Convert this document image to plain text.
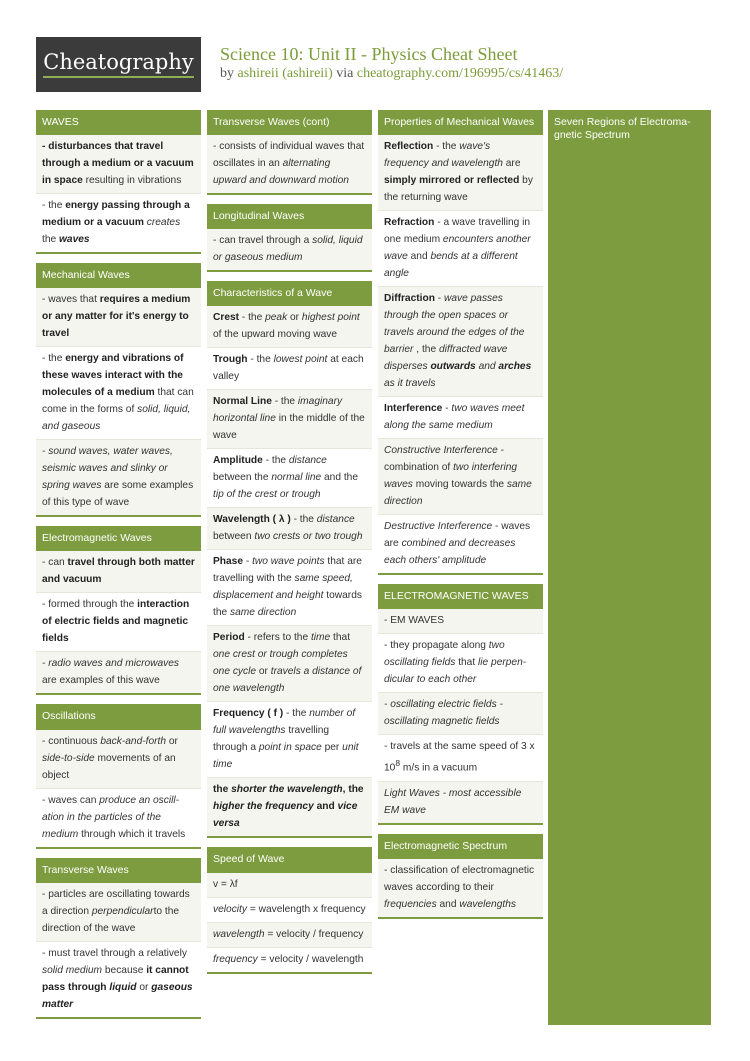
Cheatography Science 10: Unit II - Physics Cheat Sheet
by ashireii (ashireii) via cheatography.com/196995/cs/41463/
WAVES
- disturbances that travel through a medium or a vacuum in space resulting in vibrations
- the energy passing through a medium or a vacuum creates the waves
Mechanical Waves
- waves that requires a medium or any matter for it's energy to travel
- the energy and vibrations of these waves interact with the molecules of a medium that can come in the forms of solid, liquid, and gaseous
- sound waves, water waves, seismic waves and slinky or spring waves are some examples of this type of wave
Electromagnetic Waves
- can travel through both matter and vacuum
- formed through the interaction of electric fields and magnetic fields
- radio waves and microwaves are examples of this wave
Oscillations
- continuous back-and-forth or side-to-side movements of an object
- waves can produce an oscillation in the particles of the medium through which it travels
Transverse Waves
- particles are oscillating towards a direction perpendicularto the direction of the wave
- must travel through a relatively solid medium because it cannot pass through liquid or gaseous matter
Transverse Waves (cont)
- consists of individual waves that oscillates in an alternating upward and downward motion
Longitudinal Waves
- can travel through a solid, liquid or gaseous medium
Characteristics of a Wave
Crest - the peak or highest point of the upward moving wave
Trough - the lowest point at each valley
Normal Line - the imaginary horizontal line in the middle of the wave
Amplitude - the distance between the normal line and the tip of the crest or trough
Wavelength ( λ ) - the distance between two crests or two trough
Phase - two wave points that are travelling with the same speed, displacement and height towards the same direction
Period - refers to the time that one crest or trough completes one cycle or travels a distance of one wavelength
Frequency ( f ) - the number of full wavelengths travelling through a point in space per unit time
the shorter the wavelength, the higher the frequency and vice versa
Speed of Wave
v = λf
velocity = wavelength x frequency
wavelength = velocity / frequency
frequency = velocity / wavelength
Properties of Mechanical Waves
Reflection - the wave's frequency and wavelength are simply mirrored or reflected by the returning wave
Refraction - a wave travelling in one medium encounters another wave and bends at a different angle
Diffraction - wave passes through the open spaces or travels around the edges of the barrier , the diffracted wave disperses outwards and arches as it travels
Interference - two waves meet along the same medium
Constructive Interference - combination of two interfering waves moving towards the same direction
Destructive Interference - waves are combined and decreases each others' amplitude
ELECTROMAGNETIC WAVES
- EM WAVES
- they propagate along two oscillating fields that lie perpendicular to each other
- oscillating electric fields - oscillating magnetic fields
- travels at the same speed of 3 x $10^8$ m/s in a vacuum
Light Waves - most accessible EM wave
Electromagnetic Spectrum
- classification of electromagnetic waves according to their frequencies and wavelengths
Seven Regions of Electromagnetic Spectrum
